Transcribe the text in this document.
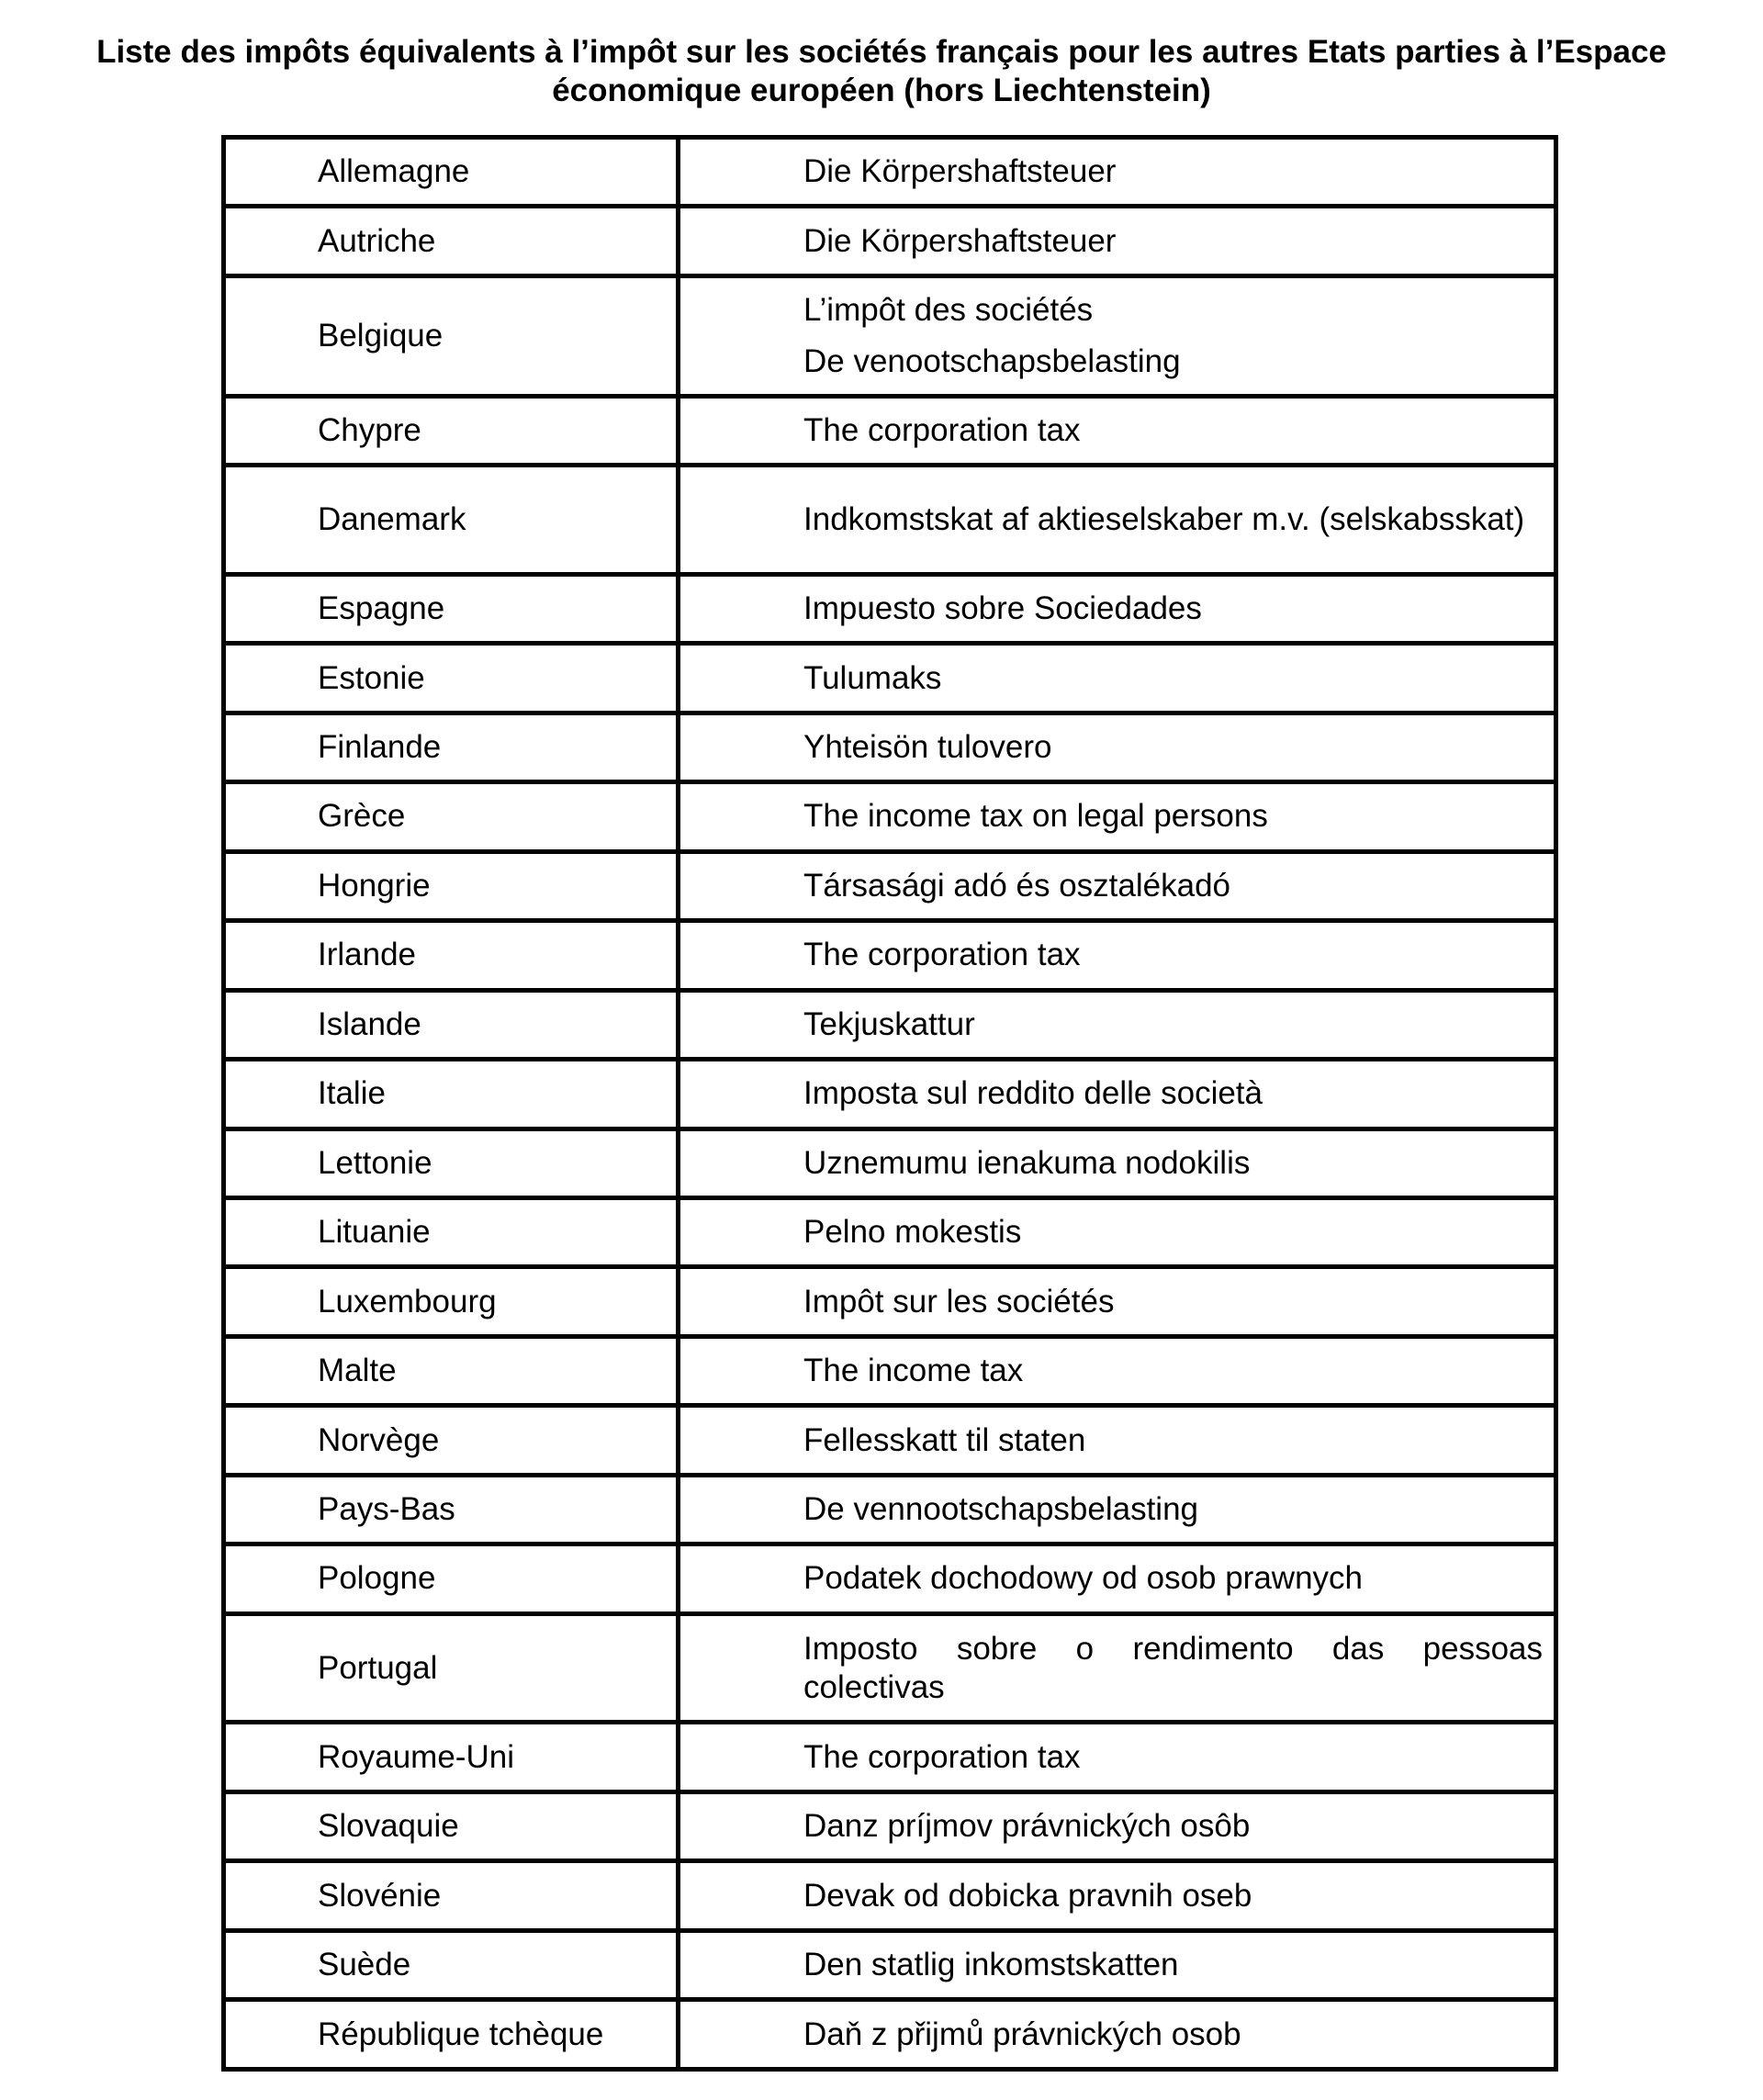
Liste des impôts équivalents à l’impôt sur les sociétés français pour les autres Etats parties à l’Espace
économique européen (hors Liechtenstein)
Allemagne	Die Körpershaftsteuer

Autriche	Die Körpershaftsteuer

Belgique	L’impôt des sociétés
De venootschapsbelasting

Chypre	The corporation tax

Danemark	Indkomstskat af aktieselskaber m.v. (selskabsskat)

Espagne	Impuesto sobre Sociedades

Estonie	Tulumaks

Finlande	Yhteisön tulovero

Grèce	The income tax on legal persons

Hongrie	Társasági adó és osztalékadó

Irlande	The corporation tax

Islande	Tekjuskattur

Italie	Imposta sul reddito delle società

Lettonie	Uznemumu ienakuma nodokilis

Lituanie	Pelno mokestis

Luxembourg	Impôt sur les sociétés

Malte	The income tax

Norvège	Fellesskatt til staten

Pays-Bas	De vennootschapsbelasting

Pologne	Podatek dochodowy od osob prawnych

Portugal	Imposto sobre o rendimento das pessoas colectivas

Royaume-Uni	The corporation tax

Slovaquie	Danz príjmov právnických osôb

Slovénie	Devak od dobicka pravnih oseb

Suède	Den statlig inkomstskatten

République tchèque	Daň z přijmů právnických osob
